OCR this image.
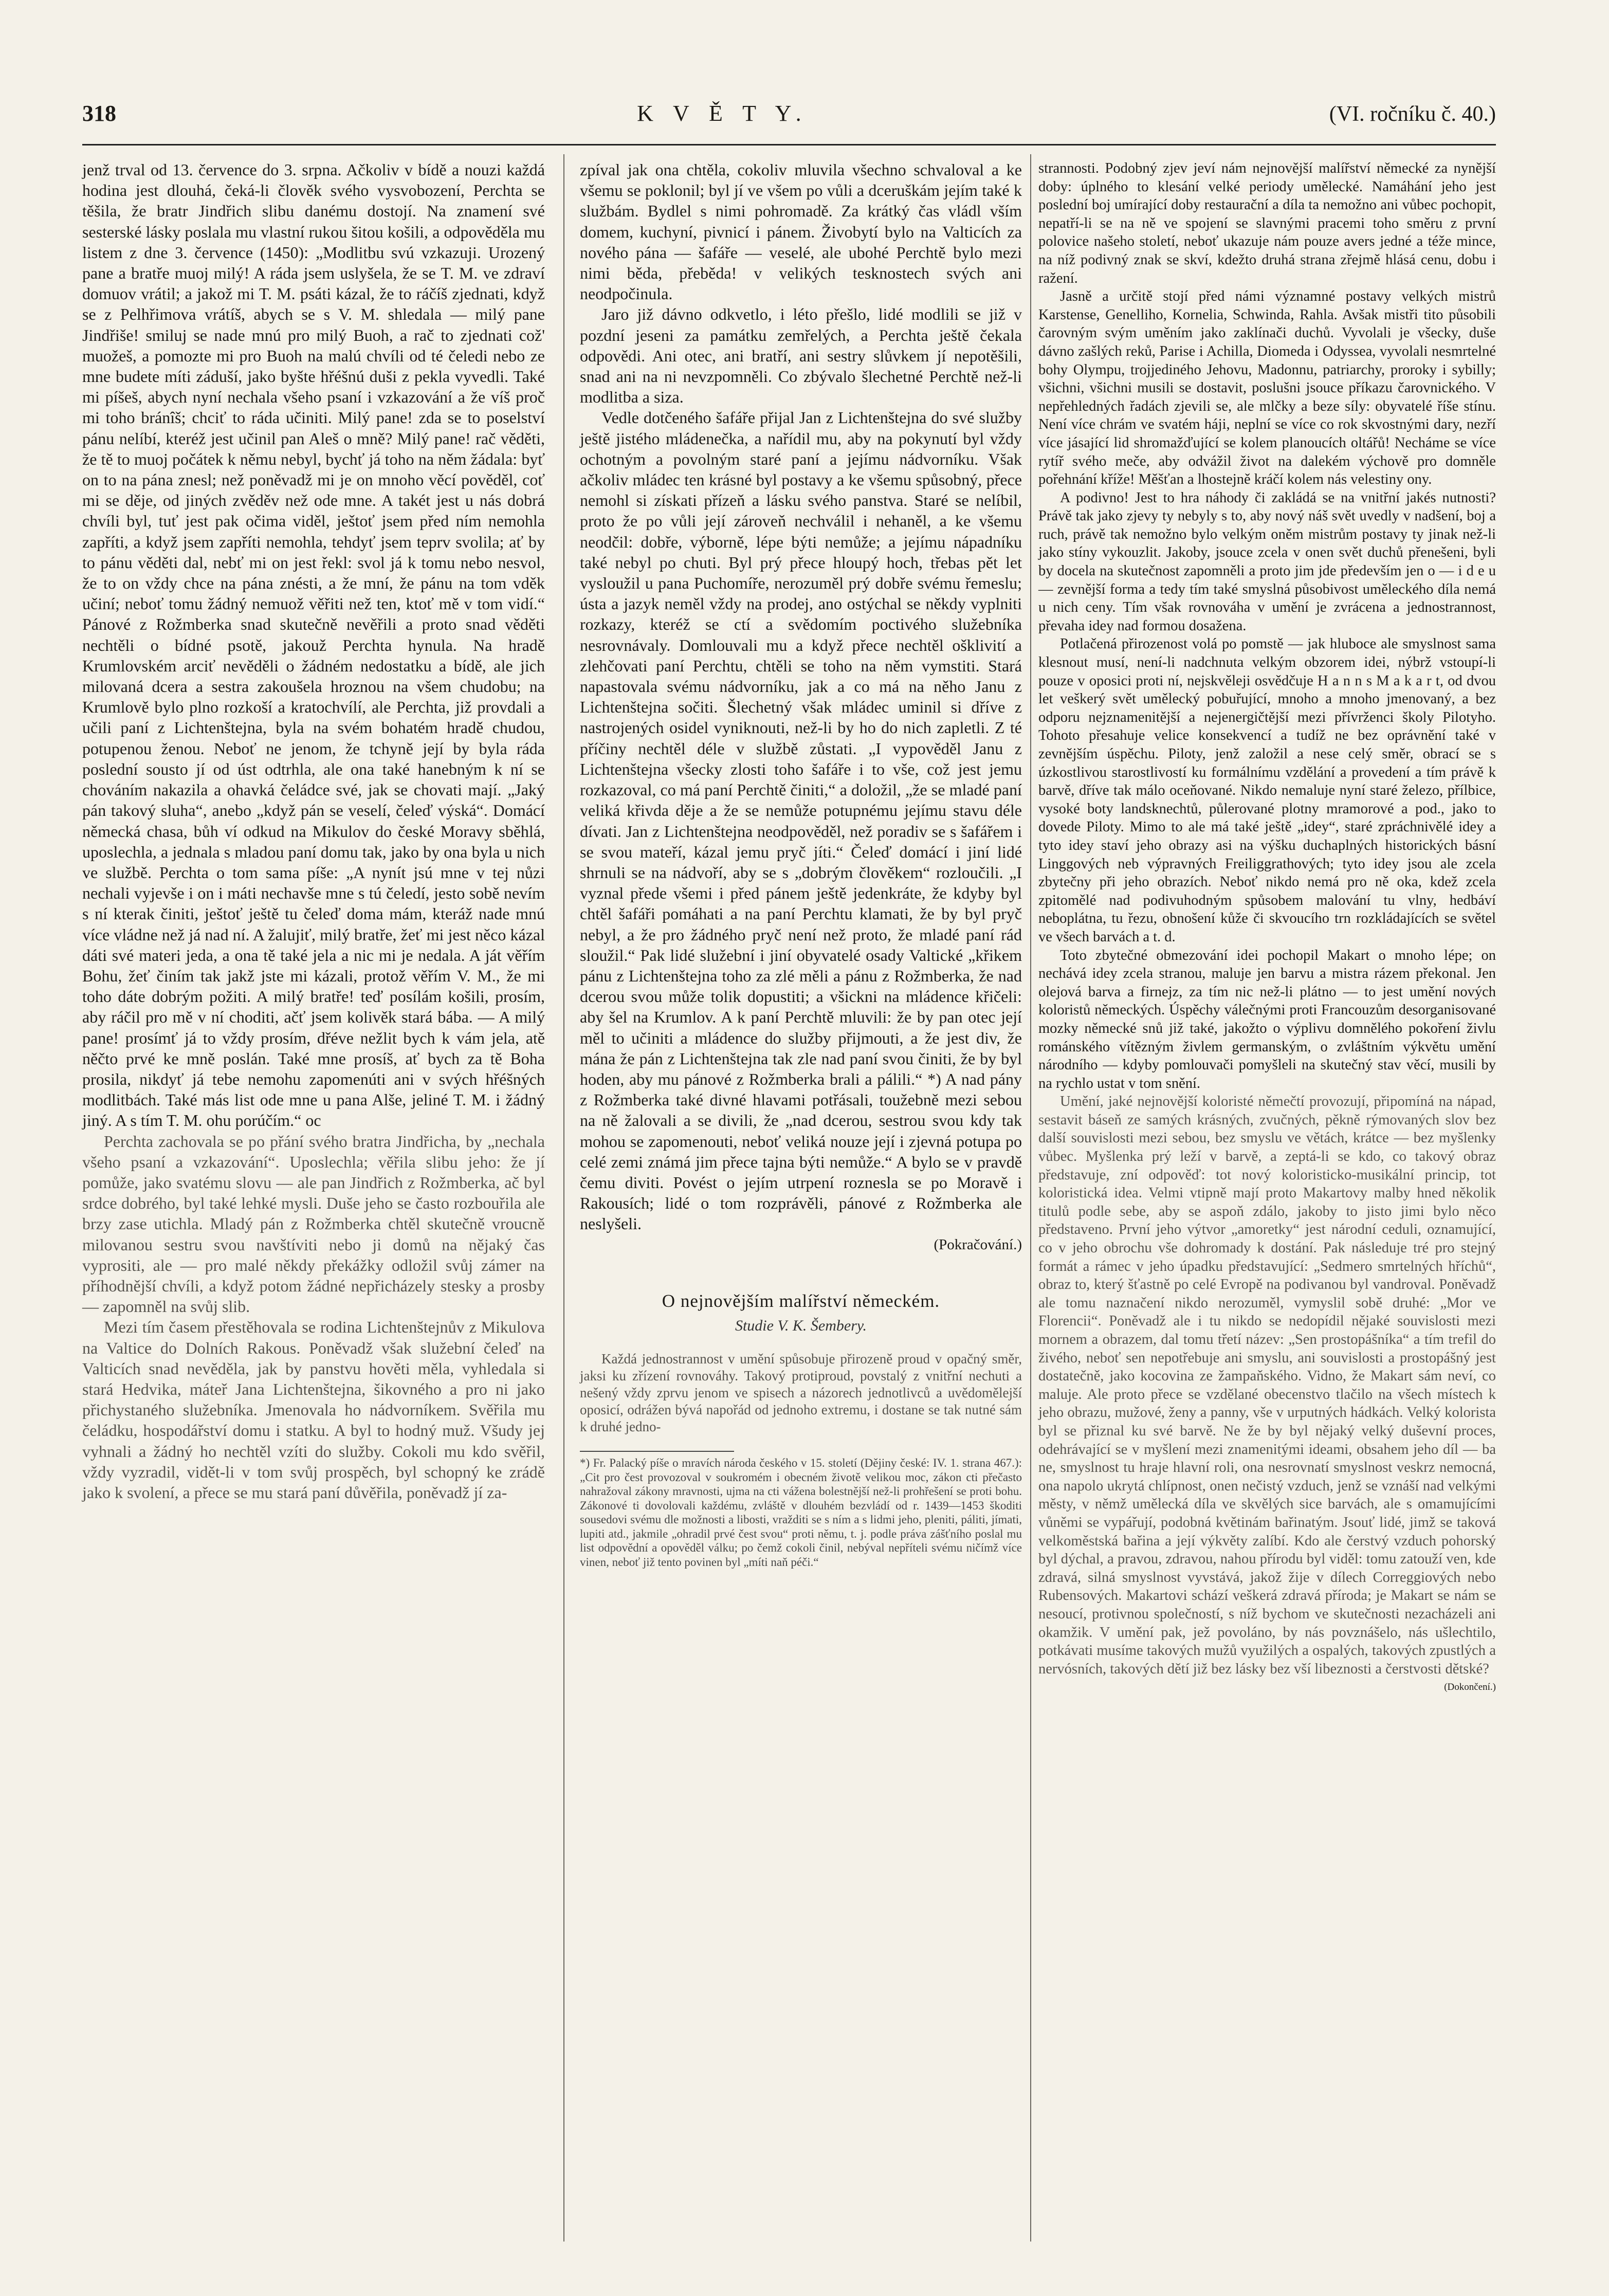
318	K V Ě T Y.	(VI. ročníku č. 40.)

jenž trval od 13. července do 3. srpna. Ačkoliv v bídě a nouzi každá hodina jest dlouhá, čeká-li člověk svého vysvobození, Perchta se těšila, že bratr Jindřich slibu danému dostojí. Na znamení své sesterské lásky poslala mu vlastní rukou šitou košili, a odpověděla mu listem z dne 3. července (1450): „Modlitbu svú vzkazuji. Urozený pane a bratře muoj milý! A ráda jsem uslyšela, že se T. M. ve zdraví domuov vrátil; a jakož mi T. M. psáti kázal, že to ráčíš zjednati, když se z Pelhřimova vrátíš, abych se s V. M. shledala — milý pane Jindřiše! smiluj se nade mnú pro milý Buoh, a rač to zjednati což' muožeš, a pomozte mi pro Buoh na malú chvíli od té čeledi nebo ze mne budete míti záduší, jako byšte hřéšnú duši z pekla vyvedli. Také mi píšeš, abych nyní nechala všeho psaní i vzkazování a že víš proč mi toho bránîš; chciť to ráda učiniti. Milý pane! zda se to poselství pánu nelíbí, kteréž jest učinil pan Aleš o mně? Milý pane! rač věděti, že tě to muoj počátek k němu nebyl, bychť já toho na něm žádala: byť on to na pána znesl; než poněvadž mi je on mnoho věcí pověděl, coť mi se děje, od jiných zvěděv než ode mne. A takét jest u nás dobrá chvíli byl, tuť jest pak očima viděl, ještoť jsem před ním nemohla zapříti, a když jsem zapříti nemohla, tehdyť jsem teprv svolila; ať by to pánu věděti dal, nebť mi on jest řekl: svol já k tomu nebo nesvol, že to on vždy chce na pána znésti, a že mní, že pánu na tom vděk učiní; neboť tomu žádný nemuož věřiti než ten, ktoť mě v tom vidí.“ Pánové z Rožmberka snad skutečně nevěřili a proto snad věděti nechtěli o bídné psotě, jakouž Perchta hynula. Na hradě Krumlovském arciť nevěděli o žádném nedostatku a bídě, ale jich milovaná dcera a sestra zakoušela hroznou na všem chudobu; na Krumlově bylo plno rozkoší a kratochvílí, ale Perchta, již provdali a učili paní z Lichtenštejna, byla na svém bohatém hradě chudou, potupenou ženou. Neboť ne jenom, že tchyně její by byla ráda poslední sousto jí od úst odtrhla, ale ona také hanebným k ní se chováním nakazila a ohavká čeládce své, jak se chovati mají. „Jaký pán takový sluha“, anebo „když pán se veselí, čeleď výská“. Domácí německá chasa, bůh ví odkud na Mikulov do české Moravy sběhlá, uposlechla, a jednala s mladou paní domu tak, jako by ona byla u nich ve službě. Perchta o tom sama píše: „A nynít jsú mne v tej nůzi nechali vyjevše i on i máti nechavše mne s tú čeledí, jesto sobě nevím s ní kterak činiti, ještoť ještě tu čeleď doma mám, kteráž nade mnú více vládne než já nad ní. A žalujiť, milý bratře, žeť mi jest něco kázal dáti své materi jeda, a ona tě také jela a nic mi je nedala. A ját věřím Bohu, žeť činím tak jakž jste mi kázali, protož věřím V. M., že mi toho dáte dobrým požiti. A milý bratře! teď posílám košili, prosím, aby ráčil pro mě v ní choditi, ačť jsem kolivěk stará bába. — A milý pane! prosímť já to vždy prosím, dřéve nežlit bych k vám jela, atě něčto prvé ke mně poslán. Také mne prosíš, ať bych za tě Boha prosila, nikdyť já tebe nemohu zapomenúti ani v svých hřéšných modlitbách. Také más list ode mne u pana Alše, jeliné T. M. i žádný jiný. A s tím T. M. ohu porúčím.“ oc

Perchta zachovala se po přání svého bratra Jindřicha, by „nechala všeho psaní a vzkazování“. Uposlechla; věřila slibu jeho: že jí pomůže, jako svatému slovu — ale pan Jindřich z Rožmberka, ač byl srdce dobrého, byl také lehké mysli. Duše jeho se často rozbouřila ale brzy zase utichla. Mladý pán z Rožmberka chtěl skutečně vroucně milovanou sestru svou navštíviti nebo ji domů na nějaký čas vyprositi, ale — pro malé někdy překážky odložil svůj zámer na příhodnější chvíli, a když potom žádné nepřicházely stesky a prosby — zapomněl na svůj slib.

Mezi tím časem přestěhovala se rodina Lichtenštejnův z Mikulova na Valtice do Dolních Rakous. Poněvadž však služební čeleď na Valticích snad nevěděla, jak by panstvu hověti měla, vyhledala si stará Hedvika, máteř Jana Lichtenštejna, šikovného a pro ni jako přichystaného služebníka. Jmenovala ho nádvorníkem. Svěřila mu čeládku, hospodářství domu i statku. A byl to hodný muž. Všudy jej vyhnali a žádný ho nechtěl vzíti do služby. Cokoli mu kdo svěřil, vždy vyzradil, vidět-li v tom svůj prospěch, byl schopný ke zrádě jako k svolení, a přece se mu stará paní důvěřila, poněvadž jí za-

zpíval jak ona chtěla, cokoliv mluvila všechno schvaloval a ke všemu se poklonil; byl jí ve všem po vůli a dceruškám jejím také k službám. Bydlel s nimi pohromadě. Za krátký čas vládl vším domem, kuchyní, pivnicí i pánem. Živobytí bylo na Valticích za nového pána — šafáře — veselé, ale ubohé Perchtě bylo mezi nimi běda, přeběda! v velikých tesknostech svých ani neodpočinula.

Jaro již dávno odkvetlo, i léto přešlo, lidé modlili se již v pozdní jeseni za památku zemřelých, a Perchta ještě čekala odpovědi. Ani otec, ani bratří, ani sestry slůvkem jí nepotěšili, snad ani na ni nevzpomněli. Co zbývalo šlechetné Perchtě než-li modlitba a siza.

Vedle dotčeného šafáře přijal Jan z Lichtenštejna do své služby ještě jistého mládenečka, a nařídil mu, aby na pokynutí byl vždy ochotným a povolným staré paní a jejímu nádvorníku. Však ačkoliv mládec ten krásné byl postavy a ke všemu spůsobný, přece nemohl si získati přízeň a lásku svého panstva. Staré se nelíbil, proto že po vůli její zároveň nechválil i nehaněl, a ke všemu neodčil: dobře, výborně, lépe býti nemůže; a jejímu nápadníku také nebyl po chuti. Byl prý přece hloupý hoch, třebas pět let vysloužil u pana Puchomíře, nerozuměl prý dobře svému řemeslu; ústa a jazyk neměl vždy na prodej, ano ostýchal se někdy vyplniti rozkazy, kteréž se ctí a svědomím poctivého služebníka nesrovnávaly. Domlouvali mu a když přece nechtěl ošklivití a zlehčovati paní Perchtu, chtěli se toho na něm vymstiti. Stará napastovala svému nádvorníku, jak a co má na něho Janu z Lichtenštejna sočiti. Šlechetný však mládec uminil si dříve z nastrojených osidel vyniknouti, než-li by ho do nich zapletli. Z té příčiny nechtěl déle v službě zůstati. „I vypověděl Janu z Lichtenštejna všecky zlosti toho šafáře i to vše, což jest jemu rozkazoval, co má paní Perchtě činiti,“ a doložil, „že se mladé paní veliká křivda děje a že se nemůže potupnému jejímu stavu déle dívati. Jan z Lichtenštejna neodpověděl, než poradiv se s šafářem i se svou mateří, kázal jemu pryč jíti.“ Čeleď domácí i jiní lidé shrnuli se na nádvoří, aby se s „dobrým člověkem“ rozloučili. „I vyznal přede všemi i před pánem ještě jedenkráte, že kdyby byl chtěl šafáři pomáhati a na paní Perchtu klamati, že by byl pryč nebyl, a že pro žádného pryč není než proto, že mladé paní rád sloužil.“ Pak lidé služební i jiní obyvatelé osady Valtické „křikem pánu z Lichtenštejna toho za zlé měli a pánu z Rožmberka, že nad dcerou svou může tolik dopustiti; a všickni na mládence křičeli: aby šel na Krumlov. A k paní Perchtě mluvili: že by pan otec její měl to učiniti a mládence do služby přijmouti, a že jest div, že mána že pán z Lichtenštejna tak zle nad paní svou činiti, že by byl hoden, aby mu pánové z Rožmberka brali a pálili.“ *) A nad pány z Rožmberka také divné hlavami potřásali, toužebně mezi sebou na ně žalovali a se divili, že „nad dcerou, sestrou svou kdy tak mohou se zapomenouti, neboť veliká nouze její i zjevná potupa po celé zemi známá jim přece tajna býti nemůže.“ A bylo se v pravdě čemu diviti. Povést o jejím utrpení roznesla se po Moravě i Rakousích; lidé o tom rozprávěli, pánové z Rožmberka ale neslyšeli.

(Pokračování.)
O nejnovějším malířství německém.
Studie V. K. Šembery.

Každá jednostrannost v umění spůsobuje přirozeně proud v opačný směr, jaksi ku zřízení rovnováhy. Takový protiproud, povstalý z vnitřní nechuti a nešený vždy zprvu jenom ve spisech a názorech jednotlivců a uvědomělejší oposicí, odrážen bývá napořád od jednoho extremu, i dostane se tak nutné sám k druhé jedno-

*) Fr. Palacký píše o mravích národa českého v 15. století (Dějiny české: IV. 1. strana 467.): „Cit pro čest provozoval v soukromém i obecném životě velikou moc, zákon cti přečasto nahražoval zákony mravnosti, ujma na cti vážena bolestnější než-li prohřešení se proti bohu. Zákonové ti dovolovali každému, zvláště v dlouhém bezvládí od r. 1439—1453 škoditi sousedovi svému dle možnosti a libosti, vražditi se s ním a s lidmi jeho, pleniti, páliti, jímati, lupiti atd., jakmile „ohradil prvé čest svou“ proti němu, t. j. podle práva zášťního poslal mu list odpovědní a opověděl válku; po čemž cokoli činil, nebýval nepříteli svému ničímž více vinen, neboť již tento povinen byl „míti naň péči.“

strannosti. Podobný zjev jeví nám nejnovější malířství německé za nynější doby: úplného to klesání velké periody umělecké. Namáhání jeho jest poslední boj umírající doby restaurační a díla ta nemožno ani vůbec pochopit, nepatří-li se na ně ve spojení se slavnými pracemi toho směru z první polovice našeho století, neboť ukazuje nám pouze avers jedné a téže mince, na níž podivný znak se skví, kdežto druhá strana zřejmě hlásá cenu, dobu i ražení.

Jasně a určitě stojí před námi významné postavy velkých mistrů Karstense, Genelliho, Kornelia, Schwinda, Rahla. Avšak mistři tito působili čarovným svým uměním jako zaklínači duchů. Vyvolali je všecky, duše dávno zašlých reků, Parise i Achilla, Diomeda i Odyssea, vyvolali nesmrtelné bohy Olympu, trojjediného Jehovu, Madonnu, patriarchy, proroky i sybilly; všichni, všichni musili se dostavit, poslušni jsouce příkazu čarovnického. V nepřehledných řadách zjevili se, ale mlčky a beze síly: obyvatelé říše stínu. Není více chrám ve svatém háji, neplní se více co rok skvostnými dary, nezří více jásající lid shromažďující se kolem planoucích oltářů! Necháme se více rytíř svého meče, aby odvážil život na dalekém výchově pro domněle pořehnání kříže! Měšťan a lhostejně kráčí kolem nás velestiny ony.

A podivno! Jest to hra náhody či zakládá se na vnitřní jakés nutnosti? Právě tak jako zjevy ty nebyly s to, aby nový náš svět uvedly v nadšení, boj a ruch, právě tak nemožno bylo velkým oněm mistrům postavy ty jinak než-li jako stíny vykouzlit. Jakoby, jsouce zcela v onen svět duchů přenešeni, byli by docela na skutečnost zapomněli a proto jim jde především jen o — i d e u — zevnější forma a tedy tím také smyslná působivost uměleckého díla nemá u nich ceny. Tím však rovnováha v umění je zvrácena a jednostrannost, převaha idey nad formou dosažena.

Potlačená přirozenost volá po pomstě — jak hluboce ale smyslnost sama klesnout musí, není-li nadchnuta velkým obzorem idei, nýbrž vstoupí-li pouze v oposici proti ní, nejskvěleji osvědčuje H a n n s M a k a r t, od dvou let veškerý svět umělecký pobuřující, mnoho a mnoho jmenovaný, a bez odporu nejznamenitější a nejenergičtější mezi přívrženci školy Pilotyho. Tohoto přesahuje velice konsekvencí a tudíž ne bez oprávnění také v zevnějším úspěchu. Piloty, jenž založil a nese celý směr, obrací se s úzkostlivou starostlivostí ku formálnímu vzdělání a provedení a tím právě k barvě, dříve tak málo oceňované. Nikdo nemaluje nyní staré železo, přílbice, vysoké boty landsknechtů, půlerované plotny mramorové a pod., jako to dovede Piloty. Mimo to ale má také ještě „idey“, staré zpráchnivělé idey a tyto idey staví jeho obrazy asi na výšku duchaplných historických básní Linggových neb výpravných Freiliggrathových; tyto idey jsou ale zcela zbytečny při jeho obrazích. Neboť nikdo nemá pro ně oka, kdež zcela zpitomělé nad podivuhodným spůsobem malování tu vlny, hedbáví neboplátna, tu řezu, obnošení kůže či skvoucího trn rozkládajících se světel ve všech barvách a t. d.

Toto zbytečné obmezování idei pochopil Makart o mnoho lépe; on nechává idey zcela stranou, maluje jen barvu a mistra rázem překonal. Jen olejová barva a firnejz, za tím nic než-li plátno — to jest umění nových koloristů německých. Úspěchy válečnými proti Francouzům desorganisované mozky německé snů již také, jakožto o výplivu domnělého pokoření živlu románského vítězným živlem germanským, o zvláštním výkvětu umění národního — kdyby pomlouvači pomyšleli na skutečný stav věcí, musili by na rychlo ustat v tom snění.

Umění, jaké nejnovější koloristé němečtí provozují, připomíná na nápad, sestavit báseň ze samých krásných, zvučných, pěkně rýmovaných slov bez další souvislosti mezi sebou, bez smyslu ve větách, krátce — bez myšlenky vůbec. Myšlenka prý leží v barvě, a zeptá-li se kdo, co takový obraz představuje, zní odpověď: tot nový koloristicko-musikální princip, tot koloristická idea. Velmi vtipně mají proto Makartovy malby hned několik titulů podle sebe, aby se aspoň zdálo, jakoby to jisto jimi bylo něco představeno. První jeho výtvor „amoretky“ jest národní ceduli, oznamující, co v jeho obrochu vše dohromady k dostání. Pak následuje tré pro stejný formát a rámec v jeho úpadku představující: „Sedmero smrtelných hříchů“, obraz to, který šťastně po celé Evropě na podivanou byl vandroval. Poněvadž ale tomu naznačení nikdo nerozuměl, vymyslil sobě druhé: „Mor ve Florencii“. Poněvadž ale i tu nikdo se nedopídil nějaké souvislosti mezi mornem a obrazem, dal tomu třetí název: „Sen prostopášníka“ a tím trefil do živého, neboť sen nepotřebuje ani smyslu, ani souvislosti a prostopášný jest dostatečně, jako kocovina ze žampaňského. Vidno, že Makart sám neví, co maluje. Ale proto přece se vzdělané obecenstvo tlačilo na všech místech k jeho obrazu, mužové, ženy a panny, vše v urputných hádkách. Velký kolorista byl se přiznal ku své barvě. Ne že by byl nějaký velký duševní proces, odehrávající se v myšlení mezi znamenitými ideami, obsahem jeho díl — ba ne, smyslnost tu hraje hlavní roli, ona nesrovnatí smyslnost veskrz nemocná, ona napolo ukrytá chlípnost, onen nečistý vzduch, jenž se vznáší nad velkými městy, v němž umělecká díla ve skvělých sice barvách, ale s omamujícími vůněmi se vypářují, podobná květinám bařinatým. Jsouť lidé, jimž se taková velkoměstská bařina a její výkvěty zalíbí. Kdo ale čerstvý vzduch pohorský byl dýchal, a pravou, zdravou, nahou přírodu byl viděl: tomu zatouží ven, kde zdravá, silná smyslnost vyvstává, jakož žije v dílech Correggiových nebo Rubensových. Makartovi schází veškerá zdravá příroda; je Makart se nám se nesoucí, protivnou společností, s níž bychom ve skutečnosti nezacházeli ani okamžik. V umění pak, jež povoláno, by nás povznášelo, nás ušlechtilo, potkávati musíme takových mužů využilých a ospalých, takových zpustlých a nervósních, takových dětí již bez lásky bez vší libeznosti a čerstvosti dětské?

(Dokončení.)
